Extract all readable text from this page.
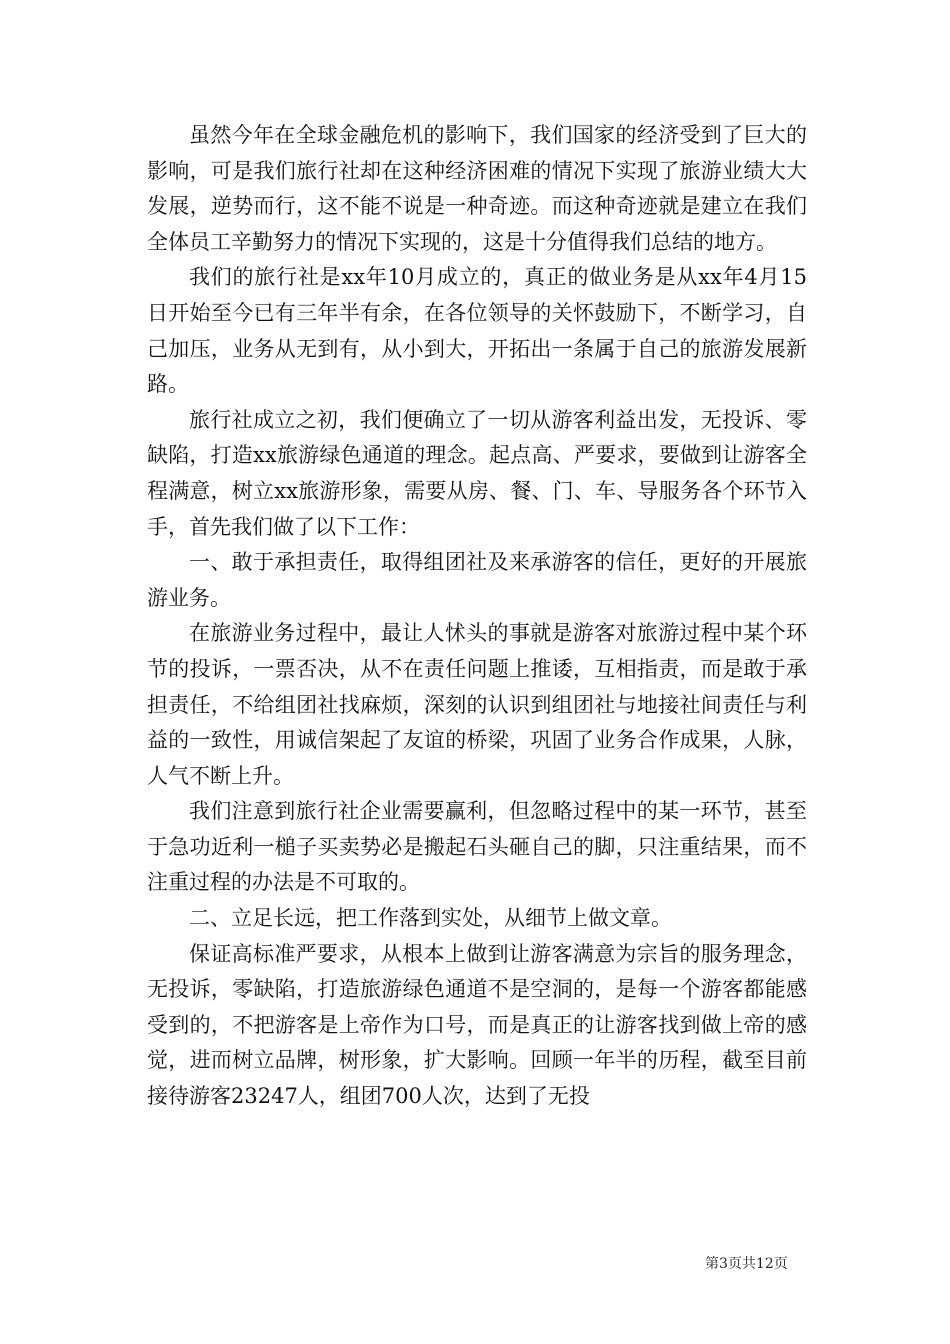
虽然今年在全球金融危机的影响下，我们国家的经济受到了巨大的影响，可是我们旅行社却在这种经济困难的情况下实现了旅游业绩大大发展，逆势而行，这不能不说是一种奇迹。而这种奇迹就是建立在我们全体员工辛勤努力的情况下实现的，这是十分值得我们总结的地方。

我们的旅行社是xx年10月成立的，真正的做业务是从xx年4月15日开始至今已有三年半有余，在各位领导的关怀鼓励下，不断学习，自己加压，业务从无到有，从小到大，开拓出一条属于自己的旅游发展新路。

旅行社成立之初，我们便确立了一切从游客利益出发，无投诉、零缺陷，打造xx旅游绿色通道的理念。起点高、严要求，要做到让游客全程满意，树立xx旅游形象，需要从房、餐、门、车、导服务各个环节入手，首先我们做了以下工作：

一、敢于承担责任，取得组团社及来承游客的信任，更好的开展旅游业务。

在旅游业务过程中，最让人怵头的事就是游客对旅游过程中某个环节的投诉，一票否决，从不在责任问题上推诿，互相指责，而是敢于承担责任，不给组团社找麻烦，深刻的认识到组团社与地接社间责任与利益的一致性，用诚信架起了友谊的桥梁，巩固了业务合作成果，人脉，人气不断上升。

我们注意到旅行社企业需要赢利，但忽略过程中的某一环节，甚至于急功近利一槌子买卖势必是搬起石头砸自己的脚，只注重结果，而不注重过程的办法是不可取的。

二、立足长远，把工作落到实处，从细节上做文章。

保证高标准严要求，从根本上做到让游客满意为宗旨的服务理念，无投诉，零缺陷，打造旅游绿色通道不是空洞的，是每一个游客都能感受到的，不把游客是上帝作为口号，而是真正的让游客找到做上帝的感觉，进而树立品牌，树形象，扩大影响。回顾一年半的历程，截至目前接待游客23247人，组团700人次，达到了无投

第3页共12页
